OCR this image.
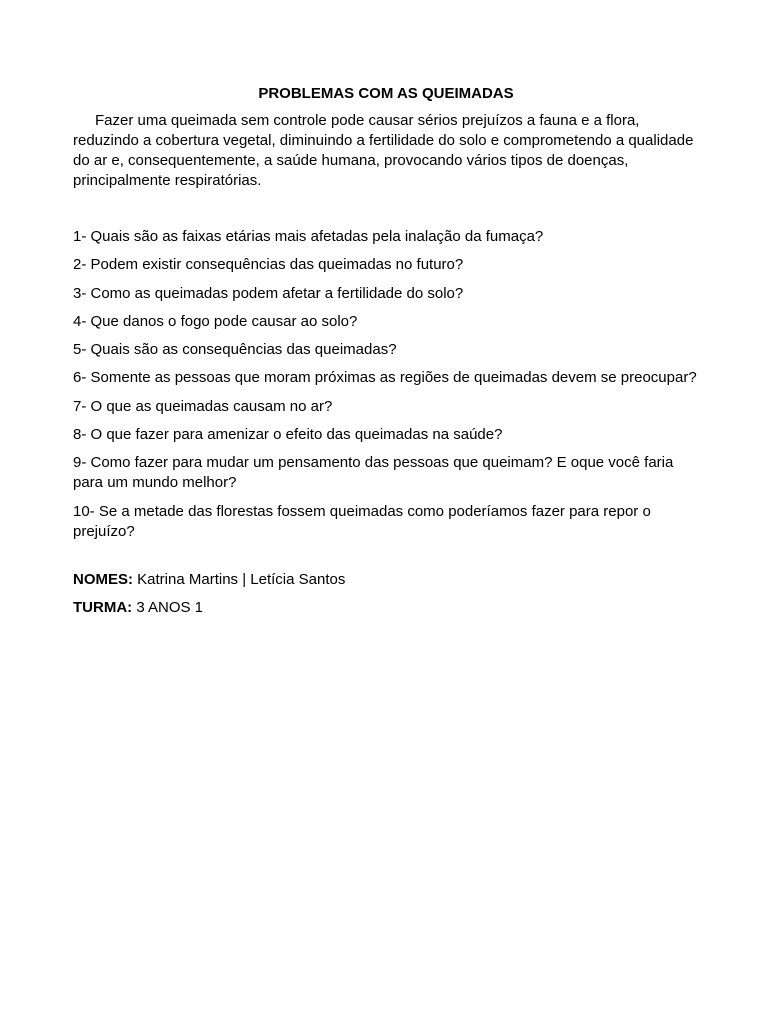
PROBLEMAS COM AS QUEIMADAS

Fazer uma queimada sem controle pode causar sérios prejuízos a fauna e a flora, reduzindo a cobertura vegetal, diminuindo a fertilidade do solo e comprometendo a qualidade do ar e, consequentemente, a saúde humana, provocando vários tipos de doenças, principalmente respiratórias.

1- Quais são as faixas etárias mais afetadas pela inalação da fumaça?
2- Podem existir consequências das queimadas no futuro?
3- Como as queimadas podem afetar a fertilidade do solo?
4- Que danos o fogo pode causar ao solo?
5- Quais são as consequências das queimadas?
6- Somente as pessoas que moram próximas as regiões de queimadas devem se preocupar?
7- O que as queimadas causam no ar?
8- O que fazer para amenizar o efeito das queimadas na saúde?
9- Como fazer para mudar um pensamento das pessoas que queimam? E oque você faria para um mundo melhor?
10- Se a metade das florestas fossem queimadas como poderíamos fazer para repor o prejuízo?
NOMES: Katrina Martins | Letícia Santos
TURMA: 3 ANOS 1
